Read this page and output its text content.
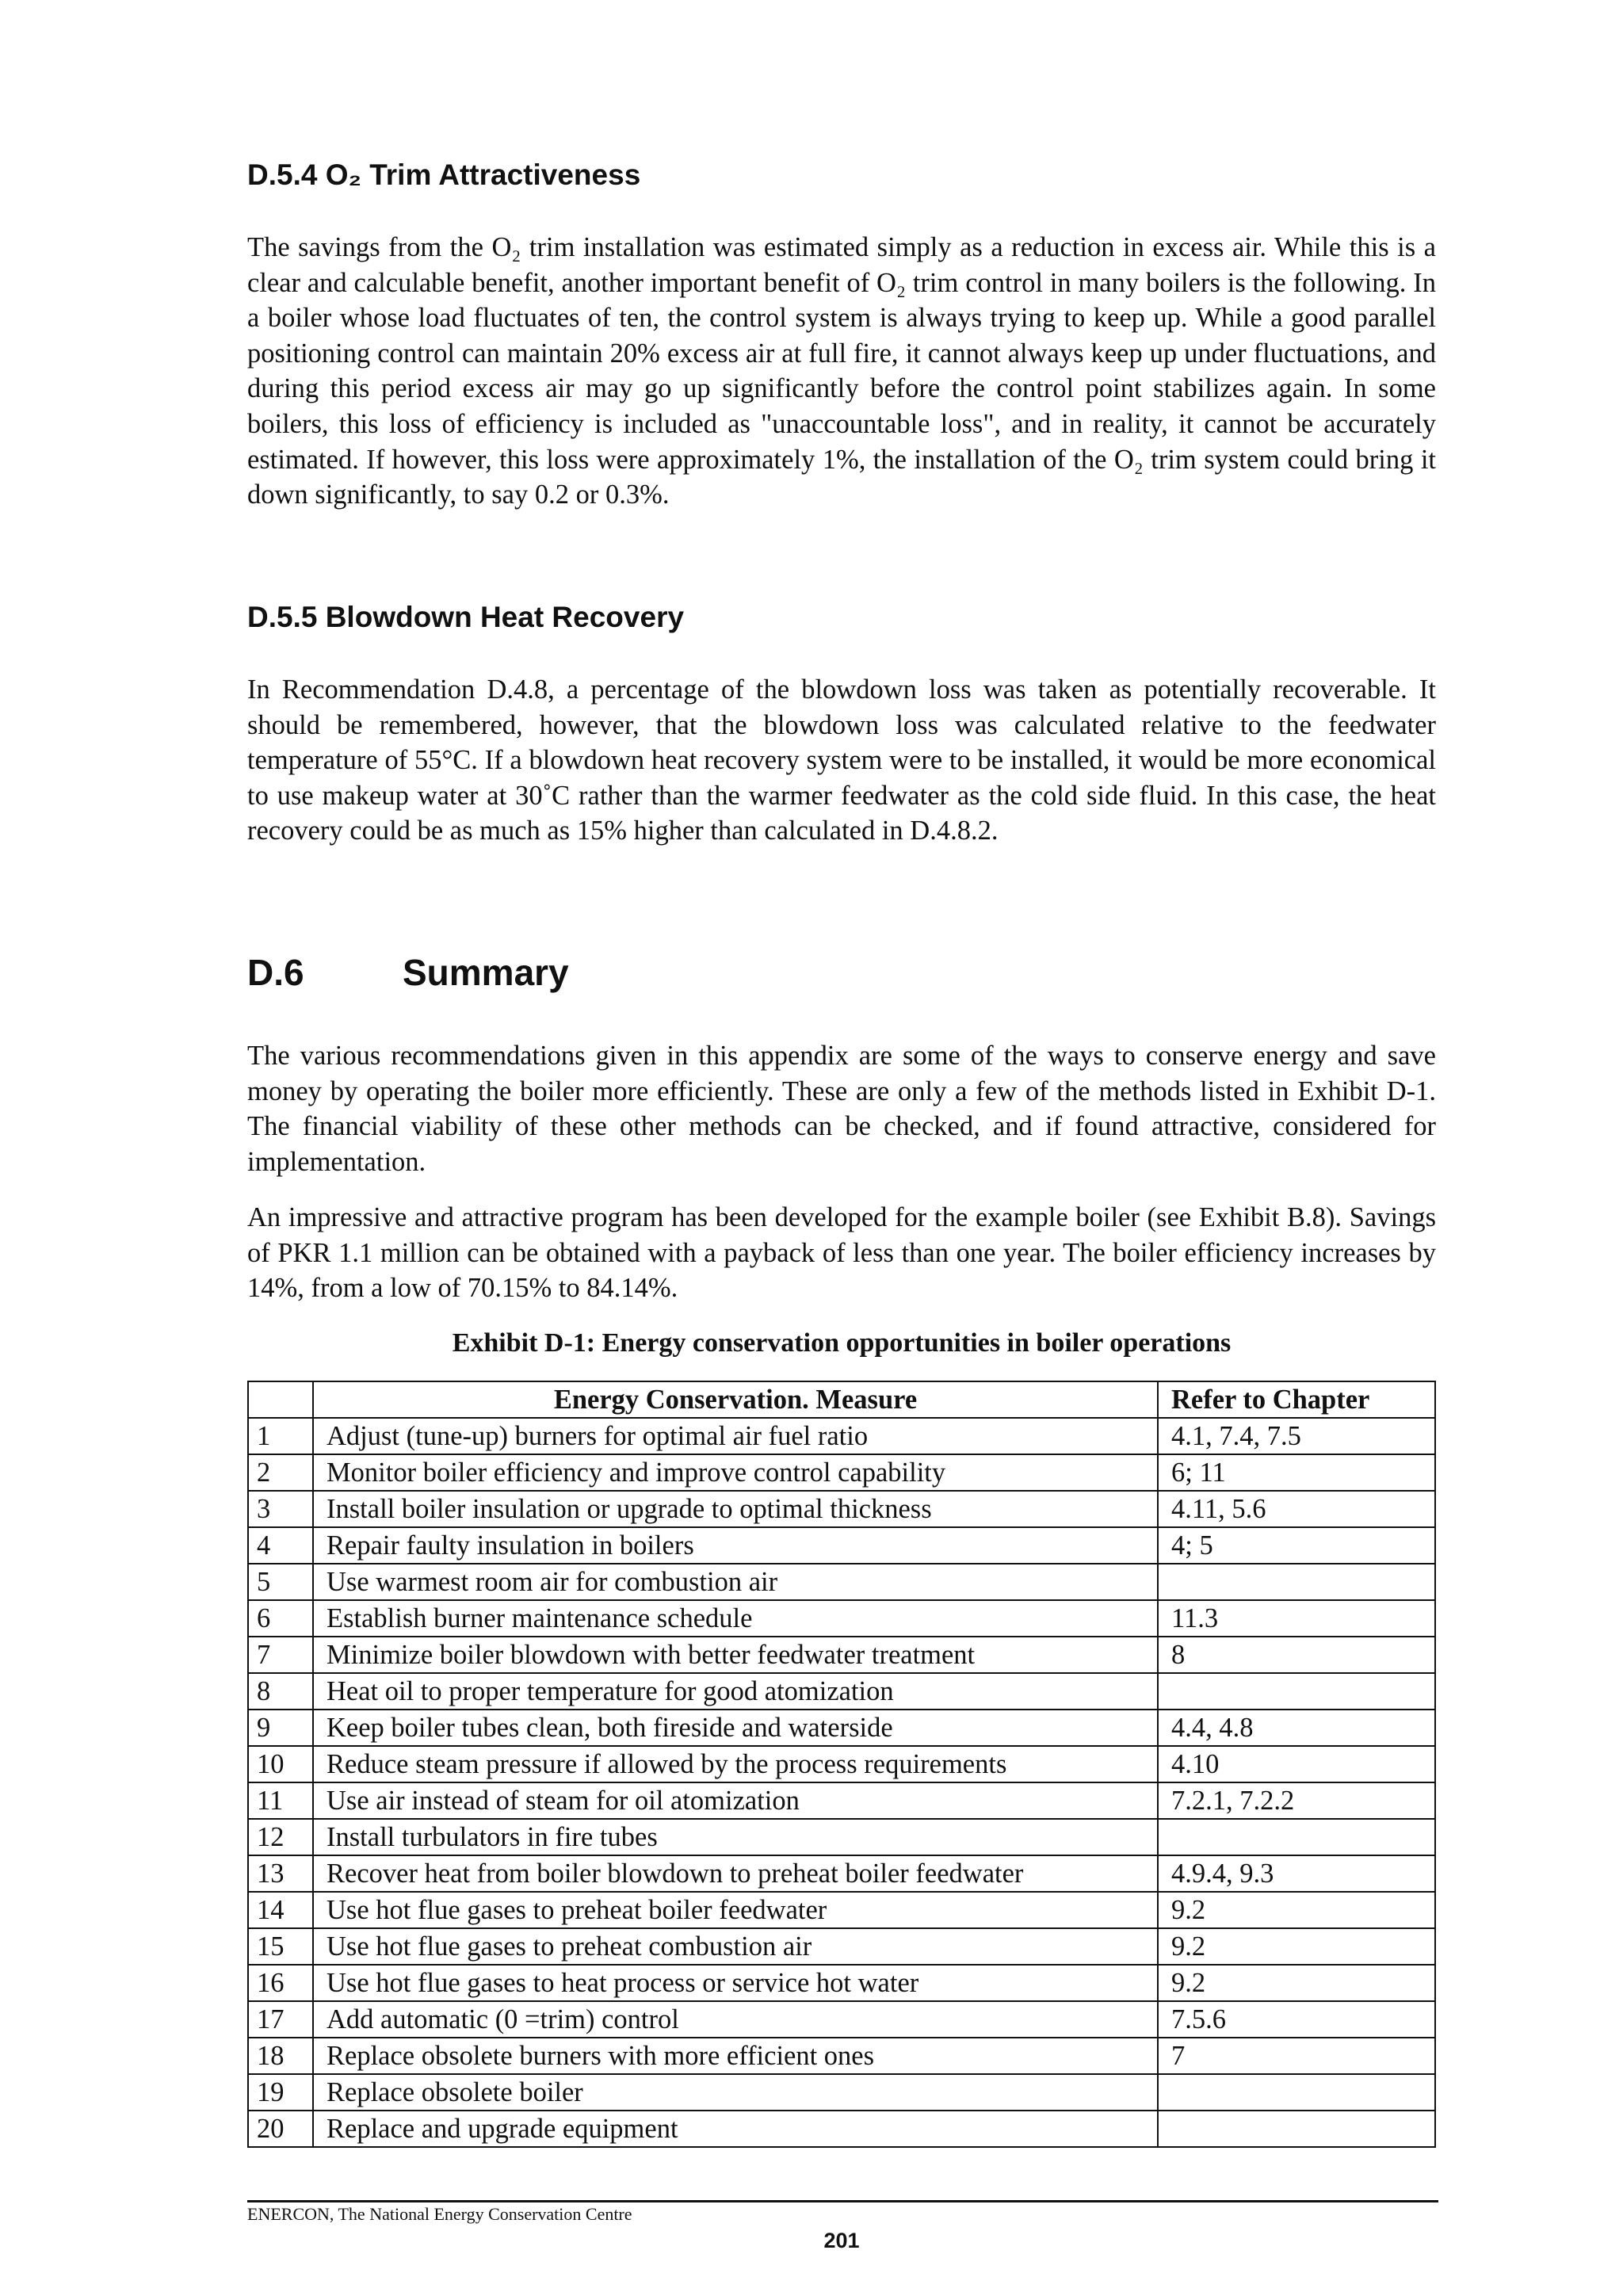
D.5.4 O₂ Trim Attractiveness

The savings from the O₂ trim installation was estimated simply as a reduction in excess air. While this is a clear and calculable benefit, another important benefit of O₂ trim control in many boilers is the following. In a boiler whose load fluctuates of ten, the control system is always trying to keep up. While a good parallel positioning control can maintain 20% excess air at full fire, it cannot always keep up under fluctuations, and during this period excess air may go up significantly before the control point stabilizes again. In some boilers, this loss of efficiency is included as "unaccountable loss", and in reality, it cannot be accurately estimated. If however, this loss were approximately 1%, the installation of the O₂ trim system could bring it down significantly, to say 0.2 or 0.3%.

D.5.5 Blowdown Heat Recovery

In Recommendation D.4.8, a percentage of the blowdown loss was taken as potentially recoverable. It should be remembered, however, that the blowdown loss was calculated relative to the feedwater temperature of 55°C. If a blowdown heat recovery system were to be installed, it would be more economical to use makeup water at 30˚C rather than the warmer feedwater as the cold side fluid. In this case, the heat recovery could be as much as 15% higher than calculated in D.4.8.2.

D.6	Summary

The various recommendations given in this appendix are some of the ways to conserve energy and save money by operating the boiler more efficiently. These are only a few of the methods listed in Exhibit D-1. The financial viability of these other methods can be checked, and if found attractive, considered for implementation.

An impressive and attractive program has been developed for the example boiler (see Exhibit B.8). Savings of PKR 1.1 million can be obtained with a payback of less than one year. The boiler efficiency increases by 14%, from a low of 70.15% to 84.14%.

Exhibit D-1: Energy conservation opportunities in boiler operations
	Energy Conservation. Measure	Refer to Chapter
1	Adjust (tune-up) burners for optimal air fuel ratio	4.1, 7.4, 7.5
2	Monitor boiler efficiency and improve control capability	6; 11
3	Install boiler insulation or upgrade to optimal thickness	4.11, 5.6
4	Repair faulty insulation in boilers	4; 5
5	Use warmest room air for combustion air	
6	Establish burner maintenance schedule	11.3
7	Minimize boiler blowdown with better feedwater treatment	8
8	Heat oil to proper temperature for good atomization	
9	Keep boiler tubes clean, both fireside and waterside	4.4, 4.8
10	Reduce steam pressure if allowed by the process requirements	4.10
11	Use air instead of steam for oil atomization	7.2.1, 7.2.2
12	Install turbulators in fire tubes	
13	Recover heat from boiler blowdown to preheat boiler feedwater	4.9.4, 9.3
14	Use hot flue gases to preheat boiler feedwater	9.2
15	Use hot flue gases to preheat combustion air	9.2
16	Use hot flue gases to heat process or service hot water	9.2
17	Add automatic (0 =trim) control	7.5.6
18	Replace obsolete burners with more efficient ones	7
19	Replace obsolete boiler	
20	Replace and upgrade equipment	
ENERCON, The National Energy Conservation Centre
201
